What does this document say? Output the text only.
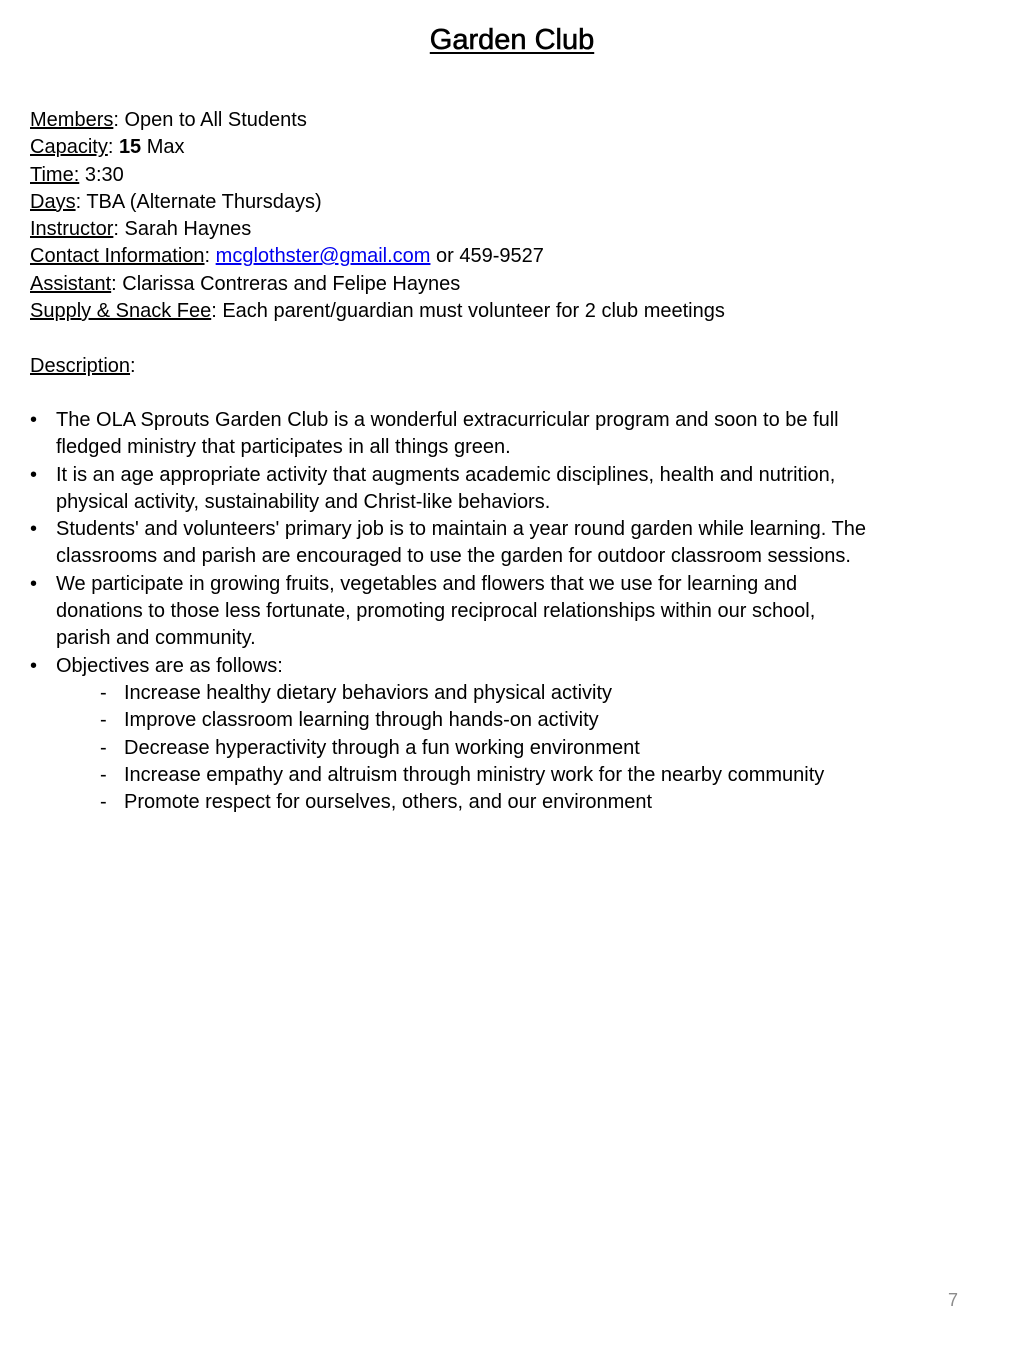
Garden Club
Members: Open to All Students
Capacity: 15 Max
Time: 3:30
Days: TBA (Alternate Thursdays)
Instructor: Sarah Haynes
Contact Information: mcglothster@gmail.com or 459-9527
Assistant: Clarissa Contreras and Felipe Haynes
Supply & Snack Fee: Each parent/guardian must volunteer for 2 club meetings
Description:
• The OLA Sprouts Garden Club is a wonderful extracurricular program and soon to be full
fledged ministry that participates in all things green.
• It is an age appropriate activity that augments academic disciplines, health and nutrition,
physical activity, sustainability and Christ-like behaviors.
• Students' and volunteers' primary job is to maintain a year round garden while learning. The
classrooms and parish are encouraged to use the garden for outdoor classroom sessions.
• We participate in growing fruits, vegetables and flowers that we use for learning and
donations to those less fortunate, promoting reciprocal relationships within our school,
parish and community.
• Objectives are as follows:
- Increase healthy dietary behaviors and physical activity
- Improve classroom learning through hands-on activity
- Decrease hyperactivity through a fun working environment
- Increase empathy and altruism through ministry work for the nearby community
- Promote respect for ourselves, others, and our environment
7
